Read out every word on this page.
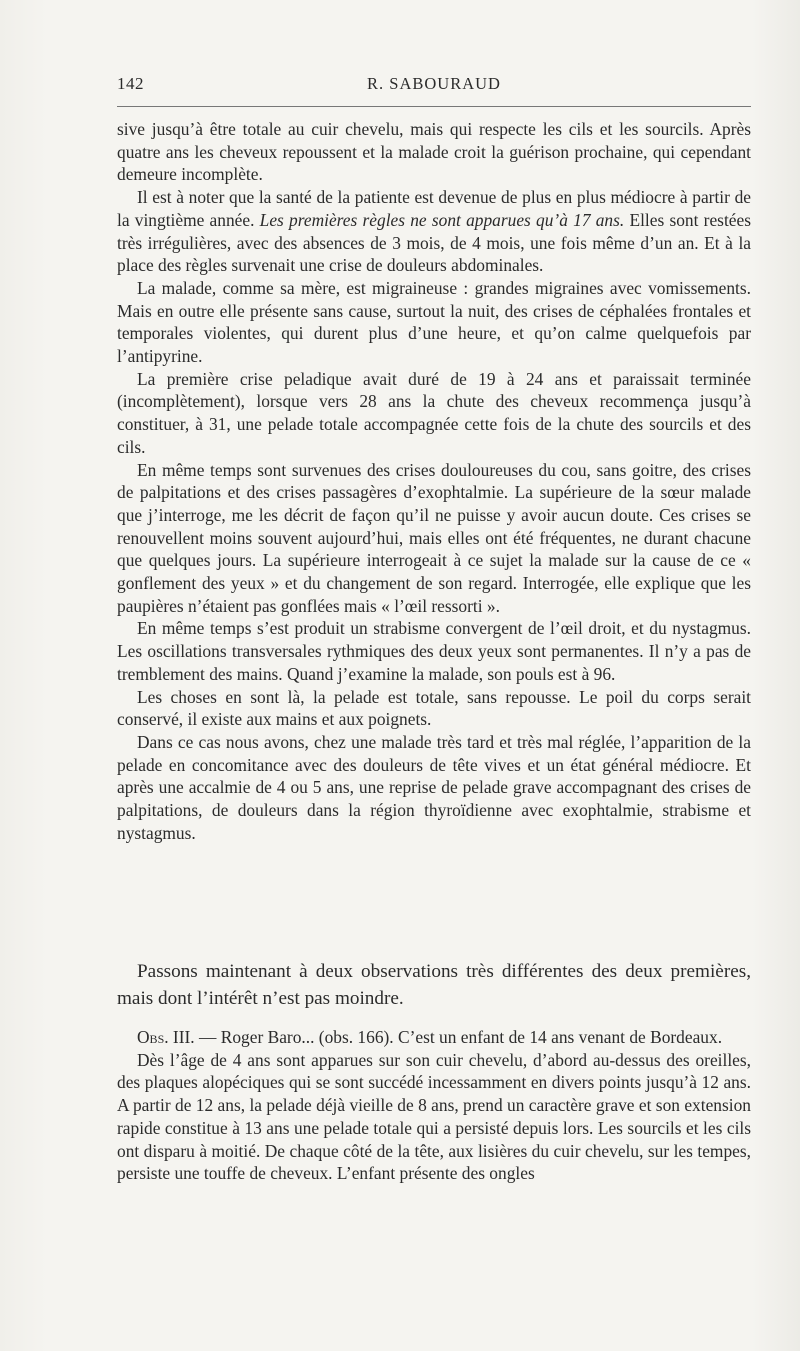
142	R. SABOURAUD

sive jusqu’à être totale au cuir chevelu, mais qui respecte les cils et les sourcils. Après quatre ans les cheveux repoussent et la malade croit la guérison prochaine, qui cependant demeure incomplète.

Il est à noter que la santé de la patiente est devenue de plus en plus médiocre à partir de la vingtième année. Les premières règles ne sont apparues qu’à 17 ans. Elles sont restées très irrégulières, avec des absences de 3 mois, de 4 mois, une fois même d’un an. Et à la place des règles survenait une crise de douleurs abdominales.

La malade, comme sa mère, est migraineuse : grandes migraines avec vomissements. Mais en outre elle présente sans cause, surtout la nuit, des crises de céphalées frontales et temporales violentes, qui durent plus d’une heure, et qu’on calme quelquefois par l’antipyrine.

La première crise peladique avait duré de 19 à 24 ans et paraissait terminée (incomplètement), lorsque vers 28 ans la chute des cheveux recommença jusqu’à constituer, à 31, une pelade totale accompagnée cette fois de la chute des sourcils et des cils.

En même temps sont survenues des crises douloureuses du cou, sans goitre, des crises de palpitations et des crises passagères d’exophtalmie. La supérieure de la sœur malade que j’interroge, me les décrit de façon qu’il ne puisse y avoir aucun doute. Ces crises se renouvellent moins souvent aujourd’hui, mais elles ont été fréquentes, ne durant chacune que quelques jours. La supérieure interrogeait à ce sujet la malade sur la cause de ce « gonflement des yeux » et du changement de son regard. Interrogée, elle explique que les paupières n’étaient pas gonflées mais « l’œil ressorti ».

En même temps s’est produit un strabisme convergent de l’œil droit, et du nystagmus. Les oscillations transversales rythmiques des deux yeux sont permanentes. Il n’y a pas de tremblement des mains. Quand j’examine la malade, son pouls est à 96.

Les choses en sont là, la pelade est totale, sans repousse. Le poil du corps serait conservé, il existe aux mains et aux poignets.

Dans ce cas nous avons, chez une malade très tard et très mal réglée, l’apparition de la pelade en concomitance avec des douleurs de tête vives et un état général médiocre. Et après une accalmie de 4 ou 5 ans, une reprise de pelade grave accompagnant des crises de palpitations, de douleurs dans la région thyroïdienne avec exophtalmie, strabisme et nystagmus.

Passons maintenant à deux observations très différentes des deux premières, mais dont l’intérêt n’est pas moindre.

Obs. III. — Roger Baro... (obs. 166). C’est un enfant de 14 ans venant de Bordeaux.

Dès l’âge de 4 ans sont apparues sur son cuir chevelu, d’abord au-dessus des oreilles, des plaques alopéciques qui se sont succédé incessamment en divers points jusqu’à 12 ans. A partir de 12 ans, la pelade déjà vieille de 8 ans, prend un caractère grave et son extension rapide constitue à 13 ans une pelade totale qui a persisté depuis lors. Les sourcils et les cils ont disparu à moitié. De chaque côté de la tête, aux lisières du cuir chevelu, sur les tempes, persiste une touffe de cheveux. L’enfant présente des ongles
